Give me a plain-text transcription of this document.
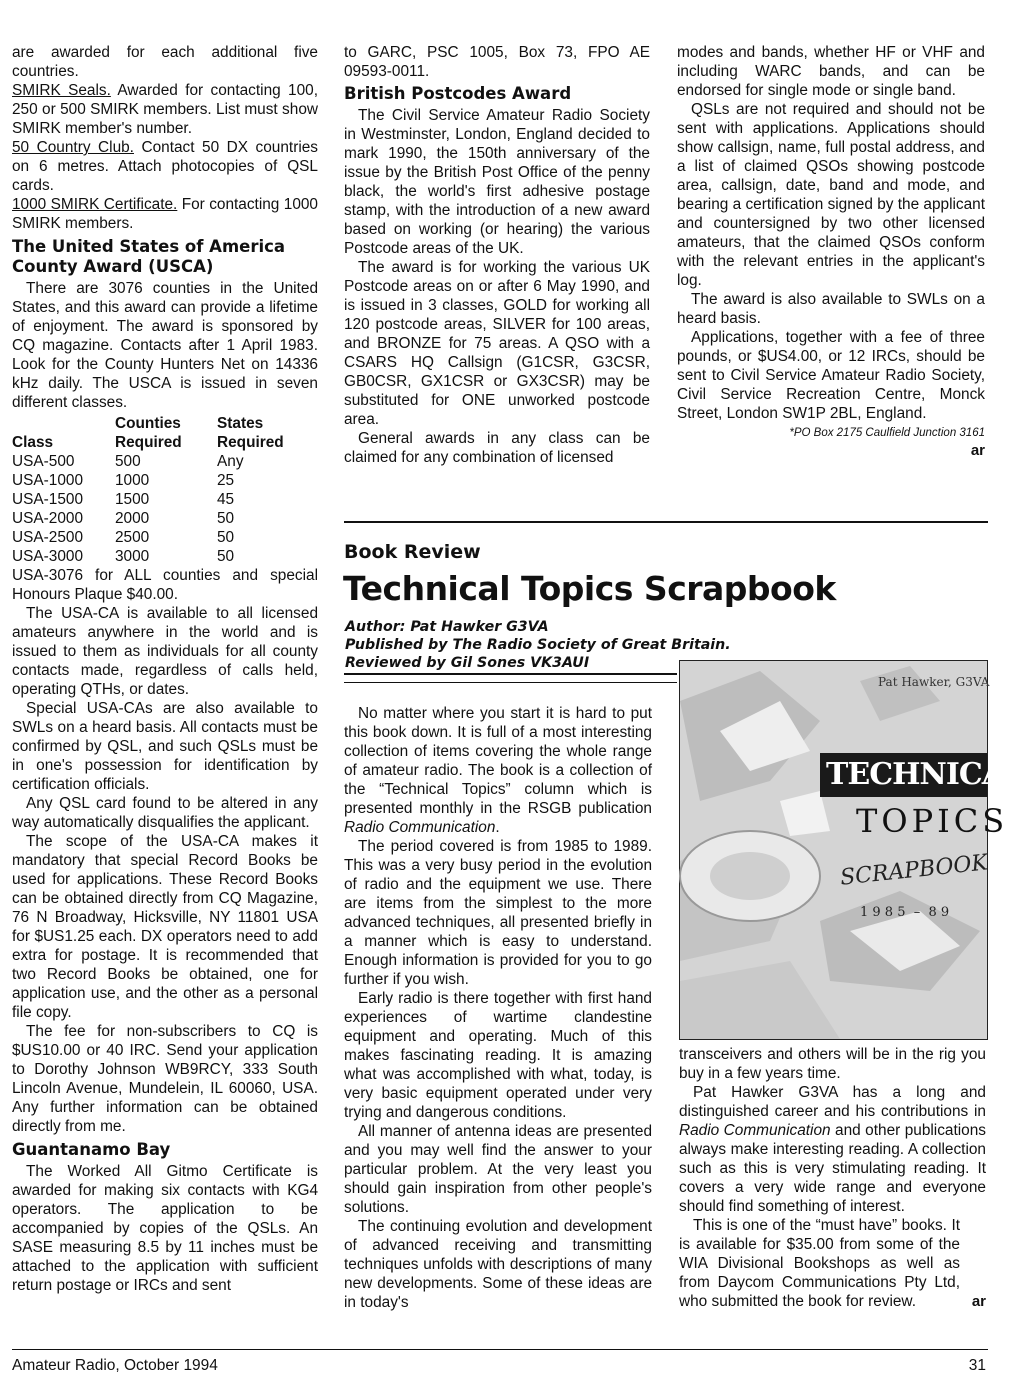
are awarded for each additional five countries.

SMIRK Seals. Awarded for contacting 100, 250 or 500 SMIRK members. List must show SMIRK member's number.

50 Country Club. Contact 50 DX countries on 6 metres. Attach photocopies of QSL cards.

1000 SMIRK Certificate. For contacting 1000 SMIRK members.

The United States of America County Award (USCA)

There are 3076 counties in the United States, and this award can provide a lifetime of enjoyment. The award is sponsored by CQ magazine. Contacts after 1 April 1983. Look for the County Hunters Net on 14336 kHz daily. The USCA is issued in seven different classes.

	Counties	States
Class	Required	Required
USA-500	500	Any
USA-1000	1000	25
USA-1500	1500	45
USA-2000	2000	50
USA-2500	2500	50
USA-3000	3000	50

USA-3076 for ALL counties and special Honours Plaque $40.00.

The USA-CA is available to all licensed amateurs anywhere in the world and is issued to them as individuals for all county contacts made, regardless of calls held, operating QTHs, or dates.

Special USA-CAs are also available to SWLs on a heard basis. All contacts must be confirmed by QSL, and such QSLs must be in one's possession for identification by certification officials.

Any QSL card found to be altered in any way automatically disqualifies the applicant.

The scope of the USA-CA makes it mandatory that special Record Books be used for applications. These Record Books can be obtained directly from CQ Magazine, 76 N Broadway, Hicksville, NY 11801 USA for $US1.25 each. DX operators need to add extra for postage. It is recommended that two Record Books be obtained, one for application use, and the other as a personal file copy.

The fee for non-subscribers to CQ is $US10.00 or 40 IRC. Send your application to Dorothy Johnson WB9RCY, 333 South Lincoln Avenue, Mundelein, IL 60060, USA. Any further information can be obtained directly from me.

Guantanamo Bay

The Worked All Gitmo Certificate is awarded for making six contacts with KG4 operators. The application to be accompanied by copies of the QSLs. An SASE measuring 8.5 by 11 inches must be attached to the application with sufficient return postage or IRCs and sent

to GARC, PSC 1005, Box 73, FPO AE 09593-0011.

British Postcodes Award

The Civil Service Amateur Radio Society in Westminster, London, England decided to mark 1990, the 150th anniversary of the issue by the British Post Office of the penny black, the world's first adhesive postage stamp, with the introduction of a new award based on working (or hearing) the various Postcode areas of the UK.

The award is for working the various UK Postcode areas on or after 6 May 1990, and is issued in 3 classes, GOLD for working all 120 postcode areas, SILVER for 100 areas, and BRONZE for 75 areas. A QSO with a CSARS HQ Callsign (G1CSR, G3CSR, GB0CSR, GX1CSR or GX3CSR) may be substituted for ONE unworked postcode area.

General awards in any class can be claimed for any combination of licensed

modes and bands, whether HF or VHF and including WARC bands, and can be endorsed for single mode or single band.

QSLs are not required and should not be sent with applications. Applications should show callsign, name, full postal address, and a list of claimed QSOs showing postcode area, callsign, date, band and mode, and bearing a certification signed by the applicant and countersigned by two other licensed amateurs, that the claimed QSOs conform with the relevant entries in the applicant's log.

The award is also available to SWLs on a heard basis.

Applications, together with a fee of three pounds, or $US4.00, or 12 IRCs, should be sent to Civil Service Amateur Radio Society, Civil Service Recreation Centre, Monck Street, London SW1P 2BL, England.

*PO Box 2175 Caulfield Junction 3161
ar
Book Review
Technical Topics Scrapbook
Author: Pat Hawker G3VA
Published by The Radio Society of Great Britain.
Reviewed by Gil Sones VK3AUI
Pat Hawker, G3VA
TECHNICAL
TOPICS
SCRAPBOOK
1 9 8 5  –  8 9

No matter where you start it is hard to put this book down. It is full of a most interesting collection of items covering the whole range of amateur radio. The book is a collection of the “Technical Topics” column which is presented monthly in the RSGB publication Radio Communication.

The period covered is from 1985 to 1989. This was a very busy period in the evolution of radio and the equipment we use. There are items from the simplest to the more advanced techniques, all presented briefly in a manner which is easy to understand. Enough information is provided for you to go further if you wish.

Early radio is there together with first hand experiences of wartime clandestine equipment and operating. Much of this makes fascinating reading. It is amazing what was accomplished with what, today, is very basic equipment operated under very trying and dangerous conditions.

All manner of antenna ideas are presented and you may well find the answer to your particular problem. At the very least you should gain inspiration from other people's solutions.

The continuing evolution and development of advanced receiving and transmitting techniques unfolds with descriptions of many new developments. Some of these ideas are in today's

transceivers and others will be in the rig you buy in a few years time.

Pat Hawker G3VA has a long and distinguished career and his contributions in Radio Communication and other publications always make interesting reading. A collection such as this is very stimulating reading. It covers a very wide range and everyone should find something of interest.

This is one of the “must have” books. It is available for $35.00 from some of the WIA Divisional Bookshops as well as from Daycom Communications Pty Ltd, who submitted the book for review.	ar
Amateur Radio, October 1994	31
